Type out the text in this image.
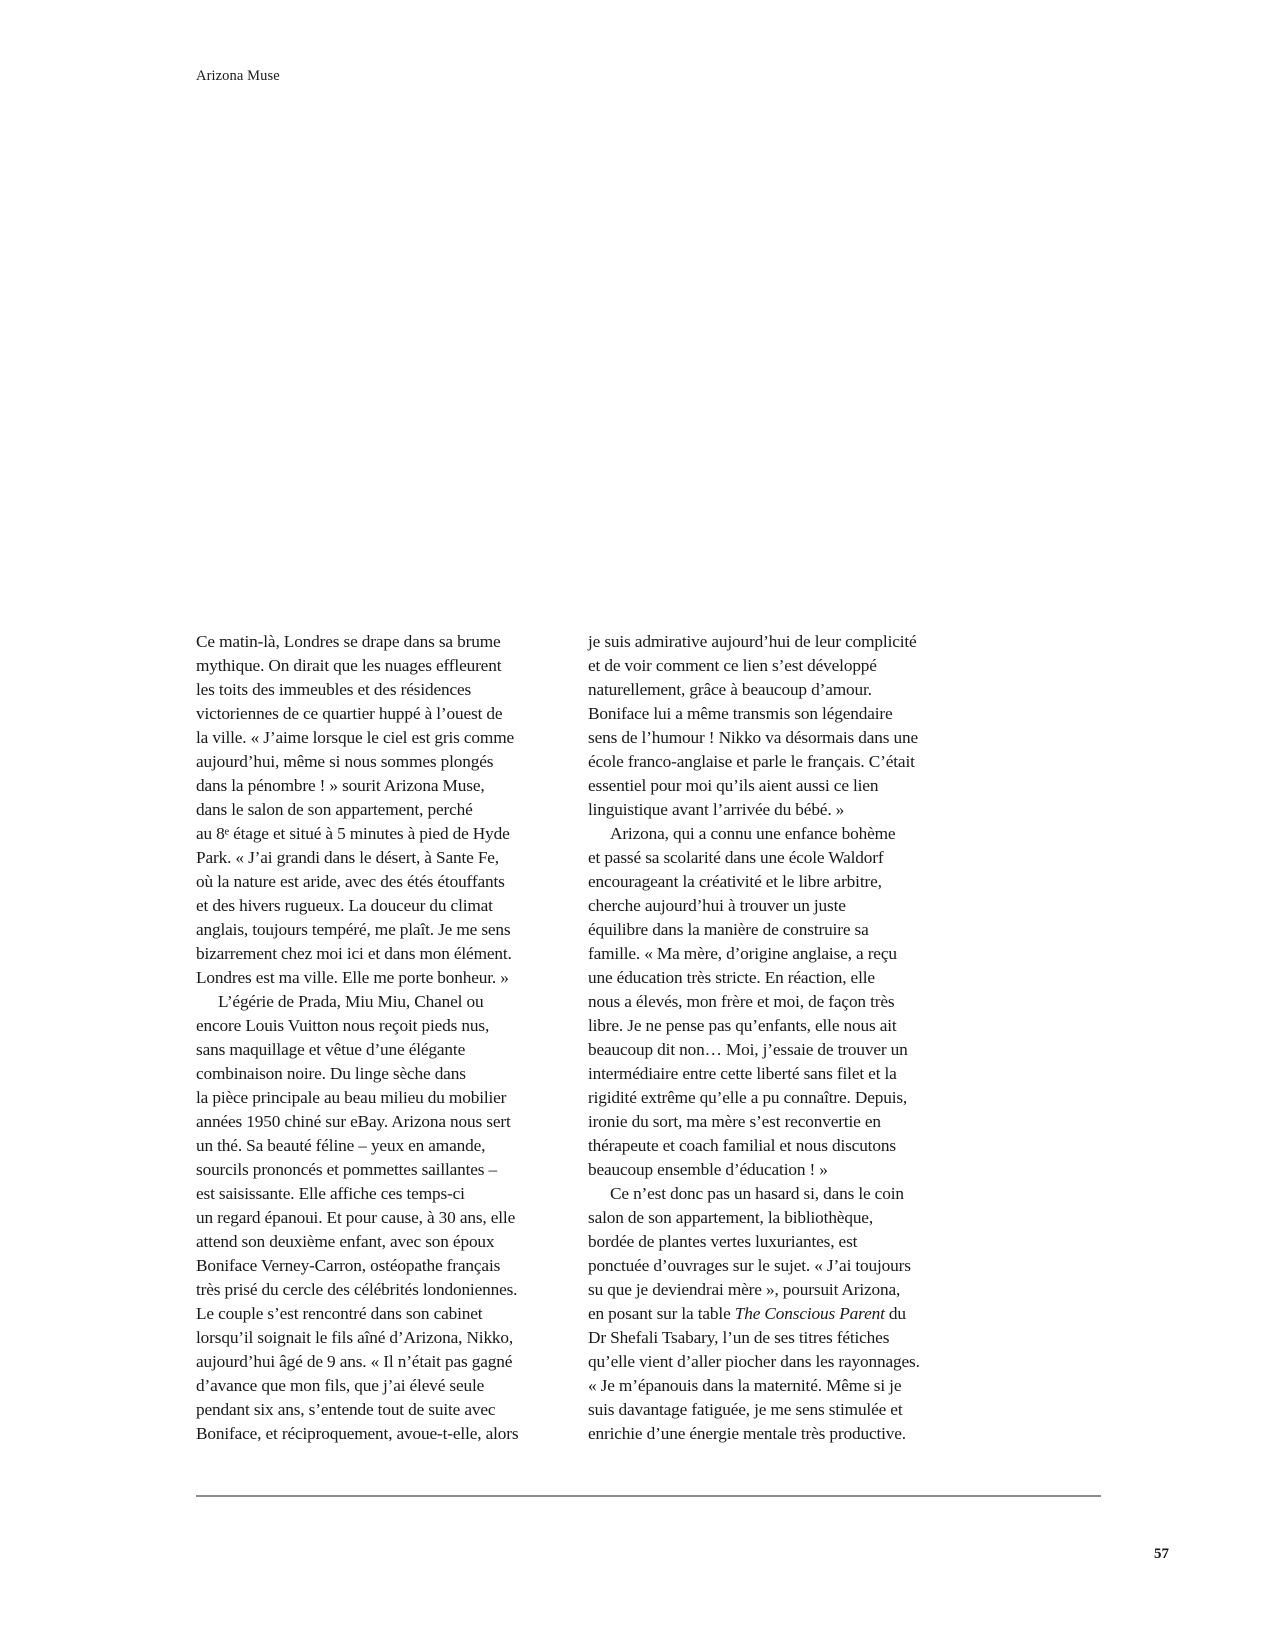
Arizona Muse
Ce matin-là, Londres se drape dans sa brume
mythique. On dirait que les nuages effleurent
les toits des immeubles et des résidences
victoriennes de ce quartier huppé à l’ouest de
la ville. « J’aime lorsque le ciel est gris comme
aujourd’hui, même si nous sommes plongés
dans la pénombre ! » sourit Arizona Muse,
dans le salon de son appartement, perché
au 8ᵉ étage et situé à 5 minutes à pied de Hyde
Park. « J’ai grandi dans le désert, à Sante Fe,
où la nature est aride, avec des étés étouffants
et des hivers rugueux. La douceur du climat
anglais, toujours tempéré, me plaît. Je me sens
bizarrement chez moi ici et dans mon élément.
Londres est ma ville. Elle me porte bonheur. »
L’égérie de Prada, Miu Miu, Chanel ou
encore Louis Vuitton nous reçoit pieds nus,
sans maquillage et vêtue d’une élégante
combinaison noire. Du linge sèche dans
la pièce principale au beau milieu du mobilier
années 1950 chiné sur eBay. Arizona nous sert
un thé. Sa beauté féline – yeux en amande,
sourcils prononcés et pommettes saillantes –
est saisissante. Elle affiche ces temps-ci
un regard épanoui. Et pour cause, à 30 ans, elle
attend son deuxième enfant, avec son époux
Boniface Verney-Carron, ostéopathe français
très prisé du cercle des célébrités londoniennes.
Le couple s’est rencontré dans son cabinet
lorsqu’il soignait le fils aîné d’Arizona, Nikko,
aujourd’hui âgé de 9 ans. « Il n’était pas gagné
d’avance que mon fils, que j’ai élevé seule
pendant six ans, s’entende tout de suite avec
Boniface, et réciproquement, avoue-t-elle, alors
je suis admirative aujourd’hui de leur complicité
et de voir comment ce lien s’est développé
naturellement, grâce à beaucoup d’amour.
Boniface lui a même transmis son légendaire
sens de l’humour ! Nikko va désormais dans une
école franco-anglaise et parle le français. C’était
essentiel pour moi qu’ils aient aussi ce lien
linguistique avant l’arrivée du bébé. »
Arizona, qui a connu une enfance bohème
et passé sa scolarité dans une école Waldorf
encourageant la créativité et le libre arbitre,
cherche aujourd’hui à trouver un juste
équilibre dans la manière de construire sa
famille. « Ma mère, d’origine anglaise, a reçu
une éducation très stricte. En réaction, elle
nous a élevés, mon frère et moi, de façon très
libre. Je ne pense pas qu’enfants, elle nous ait
beaucoup dit non… Moi, j’essaie de trouver un
intermédiaire entre cette liberté sans filet et la
rigidité extrême qu’elle a pu connaître. Depuis,
ironie du sort, ma mère s’est reconvertie en
thérapeute et coach familial et nous discutons
beaucoup ensemble d’éducation ! »
Ce n’est donc pas un hasard si, dans le coin
salon de son appartement, la bibliothèque,
bordée de plantes vertes luxuriantes, est
ponctuée d’ouvrages sur le sujet. « J’ai toujours
su que je deviendrai mère », poursuit Arizona,
en posant sur la table The Conscious Parent du
Dr Shefali Tsabary, l’un de ses titres fétiches
qu’elle vient d’aller piocher dans les rayonnages.
« Je m’épanouis dans la maternité. Même si je
suis davantage fatiguée, je me sens stimulée et
enrichie d’une énergie mentale très productive.
57
